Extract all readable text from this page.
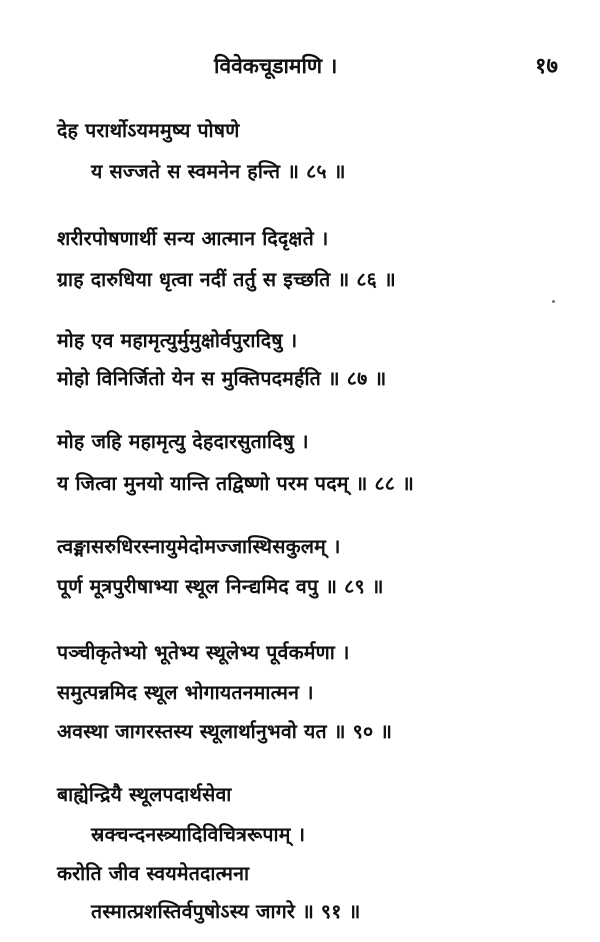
विवेकचूडामणि ।	१७
देह परार्थोऽयममुष्य पोषणे
य सज्जते स स्वमनेन हन्ति ॥ ८५ ॥
शरीरपोषणार्थी सन्य आत्मान दिदृक्षते ।
ग्राह दारुधिया धृत्वा नदीं तर्तु स इच्छति ॥ ८६ ॥
मोह एव महामृत्युर्मुमुक्षोर्वपुरादिषु ।
मोहो विनिर्जितो येन स मुक्तिपदमर्हति ॥ ८७ ॥
मोह जहि महामृत्यु देहदारसुतादिषु ।
य जित्वा मुनयो यान्ति तद्विष्णो परम पदम् ॥ ८८ ॥
त्वङ्मासरुधिरस्नायुमेदोमज्जास्थिसकुलम् ।
पूर्ण मूत्रपुरीषाभ्या स्थूल निन्द्यमिद वपु ॥ ८९ ॥
पञ्चीकृतेभ्यो भूतेभ्य स्थूलेभ्य पूर्वकर्मणा ।
समुत्पन्नमिद स्थूल भोगायतनमात्मन ।
अवस्था जागरस्तस्य स्थूलार्थानुभवो यत ॥ ९० ॥
बाह्येन्द्रियै स्थूलपदार्थसेवा
स्रक्चन्दनस्त्र्यादिविचित्ररूपाम् ।
करोति जीव स्वयमेतदात्मना
तस्मात्प्रशस्तिर्वपुषोऽस्य जागरे ॥ ९१ ॥
